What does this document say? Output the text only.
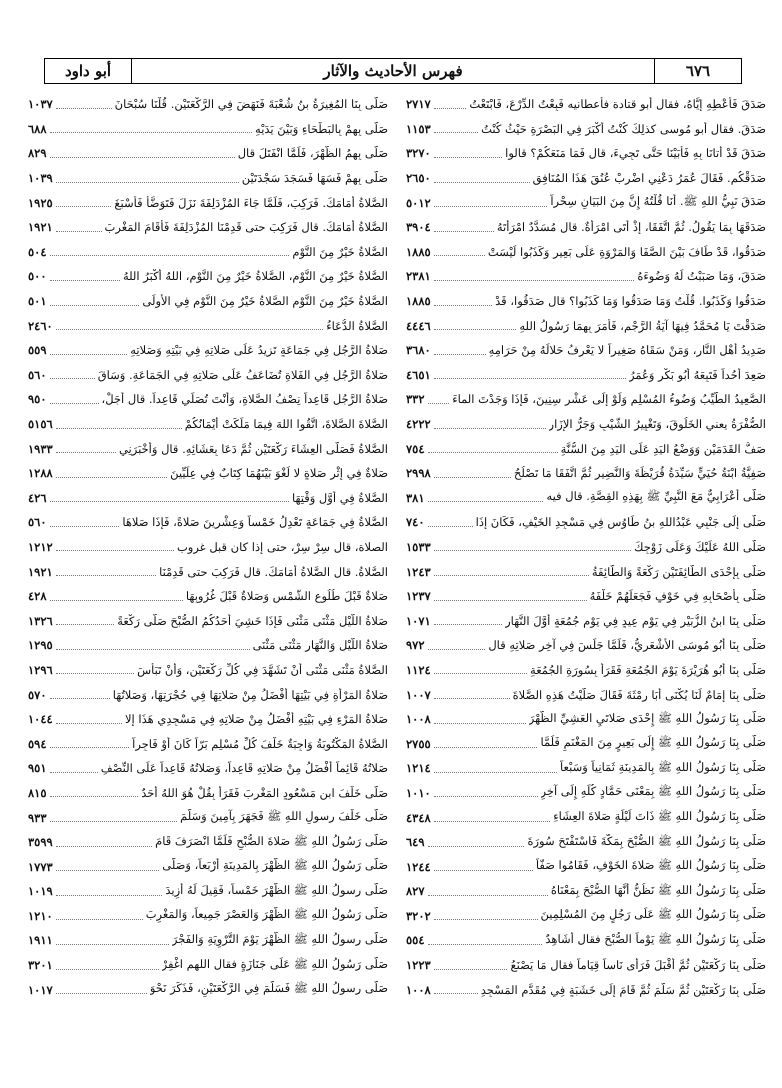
٦٧٦
فهرس الأحاديث والآثار
أبو داود
صَدَقَ فَأَعْطِهِ إِيَّاهُ، فقال أبو قتادة فأعطانيه فَبِعْتُ الدِّرْعَ، فَابْتَعْتُ
٢٧١٧
صَدَقَ. فقال أبو مُوسى كذلِكَ كُنْتُ أَكْبَرَ فِي البَصْرَةِ حَيْثُ كُنْتُ
١١٥٣
صَدَقَ قَدْ أَتانَا بِهِ فَأَبَيْنَا حَتَّى تَجِيءَ، قال فَمَا مَنَعَكُمْ؟ قالوا
٣٢٧٠
صَدَقْكُم. فَقَالَ عُمَرُ دَعْنِي اضْرِبْ عُنُقَ هَذَا المُنَافِقِ
٢٦٥٠
صَدَقَ نَبِيُّ اللهِ ﷺ. أَنَا قُلْتُهُ إِنَّ مِنَ البَيَانِ سِحْراً
٥٠١٢
صَدَقَهَا بِمَا يَقُولُ. ثُمَّ اتَّفَقَا، إِذْ أَتَى امْرَأَةٌ. قال مُسَدَّدٌ امْرَأَتَهُ
٣٩٠٤
صَدَقُوا، قَدْ طَافَ بَيْنَ الصَّفَا وَالمَرْوَةِ عَلَى بَعِيرٍ وَكَذَبُوا لَيْسَتْ
١٨٨٥
صَدَقَ، وَمَا صَبَبْتُ لَهُ وَضُوءَهُ
٢٣٨١
صَدَقُوا وَكَذَبُوا. قُلْتُ وَمَا صَدَقُوا وَمَا كَذَبُوا؟ قال صَدَقُوا، قَدْ
١٨٨٥
صَدَقْتَ يَا مُحَمَّدُ فِيهَا آيَةُ الرَّجْمِ، فَأَمَرَ بِهِمَا رَسُولُ اللهِ
٤٤٤٦
صَدِيدُ أَهْلِ النَّارِ، وَمَنْ سَقَاهُ صَغِيراً لا يَعْرِفُ حَلالَهُ مِنْ حَرَامِهِ
٣٦٨٠
صَعِدَ أُحُداً فَتَبِعَهُ أَبُو بَكْرٍ وَعُمَرُ
٤٦٥١
الصَّعِيدُ الطَّيِّبُ وَضُوءُ المُسْلِمِ وَلَوْ إِلَى عَشْرِ سِنِينَ، فَإِذَا وَجَدْتَ الماءَ
٣٣٢
الصُّفْرَةُ يعني الخَلُوقَ، وَتَغْيِيرُ الشَّيْبِ وَجَرُّ الإزَارِ
٤٢٢٢
صَفُّ القَدَمَيْنِ وَوَضْعُ اليَدِ عَلَى اليَدِ مِنَ السُّنَّةِ
٧٥٤
صَفِيَّةُ ابْنَةُ حُيَيٍّ سَيِّدَةُ قُرَيْظَةَ وَالنَّضِيرِ ثُمَّ اتَّفَقَا مَا تَصْلُحُ
٢٩٩٨
صَلَّى أَعْرَابِيٌّ مَعَ النَّبِيِّ ﷺ بِهَذِهِ القِصَّةِ. قال فيه
٣٨١
صَلَّى إِلَى جَنْبِي عَبْدُاللهِ بنُ طَاوُسٍ فِي مَسْجِدِ الخَيْفِ، فَكَانَ إِذَا
٧٤٠
صَلَّى اللهُ عَلَيْكَ وَعَلَى زَوْجِكَ
١٥٣٣
صَلَّى بِإِحْدَى الطَّائِفَتَيْنِ رَكْعَةً وَالطَّائِفَةُ
١٢٤٣
صَلَّى بِأَصْحَابِهِ فِي خَوْفٍ فَجَعَلَهُمْ خَلْفَهُ
١٢٣٧
صَلَّى بِنَا ابنُ الزُّبَيْرِ فِي يَوْمِ عِيدٍ فِي يَوْمِ جُمُعَةٍ أَوَّلَ النَّهَارِ
١٠٧١
صَلَّى بِنَا أَبُو مُوسَى الأَشْعَرِيُّ، فَلَمَّا جَلَسَ فِي آخِرِ صَلاتِهِ قال
٩٧٢
صَلَّى بِنَا أَبُو هُرَيْرَةَ يَوْمَ الجُمُعَةِ فَقَرَأَ بِسُورَةِ الجُمُعَةِ
١١٢٤
صَلَّى بِنَا إِمَامٌ لَنَا يُكْنَى أَبَا رِمْثَةَ فَقَالَ صَلَّيْتُ هَذِهِ الصَّلاةَ
١٠٠٧
صَلَّى بِنَا رَسُولُ اللهِ ﷺ إِحْدَى صَلاتَيِ العَشِيِّ الظُّهْرَ
١٠٠٨
صَلَّى بِنَا رَسُولُ اللهِ ﷺ إِلَى بَعِيرٍ مِنَ المَغْنَمِ فَلَمَّا
٢٧٥٥
صَلَّى بِنَا رَسُولُ اللهِ ﷺ بِالمَدِينَةِ ثَمَانِياً وَسَبْعاً
١٢١٤
صَلَّى بِنَا رَسُولُ اللهِ ﷺ بِمَعْنَى حَمَّادٍ كُلِّهِ إِلَى آخِرِ
١٠١٠
صَلَّى بِنَا رَسُولُ اللهِ ﷺ ذَاتَ لَيْلَةٍ صَلاةَ العِشَاءِ
٤٣٤٨
صَلَّى بِنَا رَسُولُ اللهِ ﷺ الصُّبْحَ بِمَكَّةَ فَاسْتَفْتَحَ سُورَةَ
٦٤٩
صَلَّى بِنَا رَسُولُ اللهِ ﷺ صَلاةَ الخَوْفِ، فَقَامُوا صَفّاً
١٢٤٤
صَلَّى بِنَا رَسُولُ اللهِ ﷺ نَظُنُّ أَنَّهَا الصُّبْحَ بِمَعْنَاهُ
٨٢٧
صَلَّى بِنَا رَسُولُ اللهِ ﷺ عَلَى رَجُلٍ مِنَ المُسْلِمِينَ
٣٢٠٢
صَلَّى بِنَا رَسُولُ اللهِ ﷺ يَوْماً الصُّبْحَ فقال أَشَاهِدٌ
٥٥٤
صَلَّى بِنَا رَكْعَتَيْنِ ثُمَّ أَقْبَلَ فَرَأَى نَاساً قِيَاماً فقال مَا يَصْنَعُ
١٢٢٣
صَلَّى بِنَا رَكْعَتَيْنِ ثُمَّ سَلَّمَ ثُمَّ قَامَ إِلَى خَشَبَةٍ فِي مُقَدَّمِ المَسْجِدِ
١٠٠٨
صَلَّى بِنَا المُغِيرَةُ بنُ شُعْبَةَ فَنَهَضَ فِي الرَّكْعَتَيْنِ. قُلْنَا سُبْحَانَ
١٠٣٧
صَلَّى بِهِمْ بِالبَطْحَاءِ وَبَيْنَ يَدَيْهِ
٦٨٨
صَلَّى بِهِمُ الظُّهْرَ، فَلَمَّا انْفَتَلَ قال
٨٢٩
صَلَّى بِهِمْ فَسَهَا فَسَجَدَ سَجْدَتَيْنِ
١٠٣٩
الصَّلاةُ أَمَامَكَ. فَرَكِبَ، فَلَمَّا جَاءَ المُزْدَلِفَةَ نَزَلَ فَتَوَضَّأَ فَأَسْبَغَ
١٩٢٥
الصَّلاةُ أَمَامَكَ. قال فَرَكِبَ حتى قَدِمْنَا المُزْدَلِفَةَ فَأَقَامَ المَغْرِبَ
١٩٢١
الصَّلاةُ خَيْرٌ مِنَ النَّوْمِ
٥٠٤
الصَّلاةُ خَيْرٌ مِنَ النَّوْمِ، الصَّلاةُ خَيْرٌ مِنَ النَّوْمِ، اللهُ أَكْبَرُ اللهُ
٥٠٠
الصَّلاةُ خَيْرٌ مِنَ النَّوْمِ الصَّلاةُ خَيْرٌ مِنَ النَّوْمِ فِي الأُولَى
٥٠١
الصَّلاةُ الدُّعَاءُ
٢٤٦٠
صَلاةُ الرَّجُلِ فِي جَمَاعَةٍ تَزِيدُ عَلَى صَلاتِهِ فِي بَيْتِهِ وَصَلاتِهِ
٥٥٩
صَلاةُ الرَّجُلِ فِي الفَلاةِ تُضَاعَفُ عَلَى صَلاتِهِ فِي الجَمَاعَةِ. وَسَاقَ
٥٦٠
صَلاةُ الرَّجُلِ قَاعِداً نِصْفُ الصَّلاةِ، وَأَنْتَ تُصَلِّي قَاعِداً. قال أَجَلْ،
٩٥٠
الصَّلاةَ الصَّلاةَ، اتَّقُوا اللهَ فِيمَا مَلَكَتْ أَيْمَانُكُمْ
٥١٥٦
الصَّلاةُ فَصَلَّى العِشَاءَ رَكْعَتَيْنِ ثُمَّ دَعَا بِعَشَائِهِ. قال وَأَخْبَرَنِي
١٩٣٣
صَلاةٌ فِي إِثْرِ صَلاةٍ لا لَغْوَ بَيْنَهُمَا كِتَابٌ فِي عِلِّيِّينَ
١٢٨٨
الصَّلاةُ فِي أَوَّلِ وَقْتِهَا
٤٢٦
الصَّلاةُ فِي جَمَاعَةٍ تَعْدِلُ خَمْساً وَعِشْرِينَ صَلاةً، فَإِذَا صَلاهَا
٥٦٠
الصلاة، قال سِرْ سِرْ، حتى إذا كان قبل غروب
١٢١٢
الصَّلاةُ. قال الصَّلاةُ أَمَامَكَ. قال فَرَكِبَ حتى قَدِمْنَا
١٩٢١
صَلاةٌ قَبْلَ طُلُوعِ الشَّمْسِ وَصَلاةٌ قَبْلَ غُرُوبِهَا
٤٢٨
صَلاةُ اللَّيْلِ مَثْنَى مَثْنَى فَإِذَا خَشِيَ أَحَدُكُمُ الصُّبْحَ صَلَّى رَكْعَةً
١٣٢٦
صَلاةُ اللَّيْلِ وَالنَّهَارِ مَثْنَى مَثْنَى
١٢٩٥
الصَّلاةُ مَثْنَى مَثْنَى أَنْ تَشَهَّدَ فِي كُلِّ رَكْعَتَيْنِ، وَأَنْ تَبَأَسَ
١٢٩٦
صَلاةُ المَرْأَةِ فِي بَيْتِهَا أَفْضَلُ مِنْ صَلاتِهَا فِي حُجْرَتِهَا، وَصَلاتُهَا
٥٧٠
صَلاةُ المَرْءِ فِي بَيْتِهِ أَفْضَلُ مِنْ صَلاتِهِ فِي مَسْجِدِي هَذَا إِلا
١٠٤٤
الصَّلاةُ المَكْتُوبَةُ وَاجِبَةٌ خَلْفَ كُلِّ مُسْلِمٍ بَرّاً كَانَ أَوْ فَاجِراً
٥٩٤
صَلاتُهُ قَائِماً أَفْضَلُ مِنْ صَلاتِهِ قَاعِداً، وَصَلاتُهُ قَاعِداً عَلَى النِّصْفِ
٩٥١
صَلَّى خَلْفَ ابنِ مَسْعُودٍ المَغْرِبَ فَقَرَأَ بِقُلْ هُوَ اللهُ أَحَدٌ
٨١٥
صَلَّى خَلْفَ رسولِ اللهِ ﷺ فَجَهَرَ بِآمِينَ وَسَلَّمَ
٩٣٣
صَلَّى رَسُولُ اللهِ ﷺ صَلاةَ الصُّبْحِ فَلَمَّا انْصَرَفَ قَامَ
٣٥٩٩
صَلَّى رَسُولُ اللهِ ﷺ الظُّهْرَ بِالمَدِينَةِ أَرْبَعاً، وَصَلَّى
١٧٧٣
صَلَّى رسولُ اللهِ ﷺ الظُّهْرَ خَمْساً، فَقِيلَ لَهُ أَزِيدَ
١٠١٩
صَلَّى رَسُولُ اللهِ ﷺ الظُّهْرَ وَالعَصْرَ جَمِيعاً، وَالمَغْرِبَ
١٢١٠
صَلَّى رسولُ اللهِ ﷺ الظُّهْرَ يَوْمَ التَّرْوِيَةِ وَالفَجْرَ
١٩١١
صَلَّى رَسُولُ اللهِ ﷺ عَلَى جَنَازَةٍ فقال اللهم اغْفِرْ
٣٢٠١
صَلَّى رسولُ اللهِ ﷺ فَسَلَّمَ فِي الرَّكْعَتَيْنِ، فَذَكَرَ نَحْوَ
١٠١٧
